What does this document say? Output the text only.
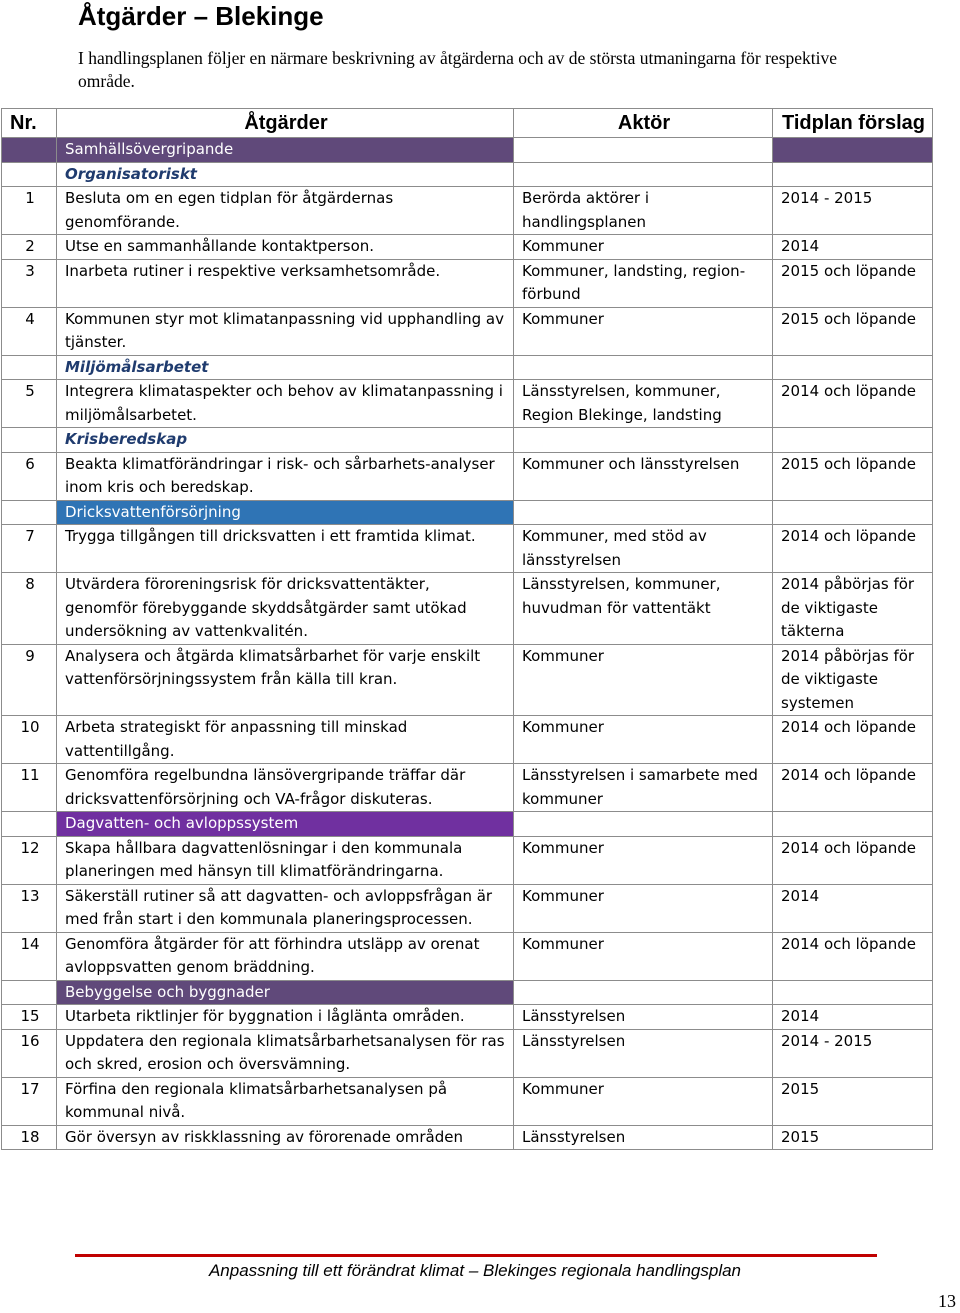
Åtgärder – Blekinge
I handlingsplanen följer en närmare beskrivning av åtgärderna och av de största utmaningarna för respektive område.
Nr.	Åtgärder	Aktör	Tidplan förslag
	Samhällsövergripande		
	Organisatoriskt		
1	Besluta om en egen tidplan för åtgärdernas genomförande.	Berörda aktörer i handlingsplanen	2014 - 2015
2	Utse en sammanhållande kontaktperson.	Kommuner	2014
3	Inarbeta rutiner i respektive verksamhetsområde.	Kommuner, landsting, region-förbund	2015 och löpande
4	Kommunen styr mot klimatanpassning vid upphandling av tjänster.	Kommuner	2015 och löpande
	Miljömålsarbetet		
5	Integrera klimataspekter och behov av klimatanpassning i miljömålsarbetet.	Länsstyrelsen, kommuner, Region Blekinge, landsting	2014 och löpande
	Krisberedskap		
6	Beakta klimatförändringar i risk- och sårbarhets-analyser inom kris och beredskap.	Kommuner och länsstyrelsen	2015 och löpande
	Dricksvattenförsörjning		
7	Trygga tillgången till dricksvatten i ett framtida klimat.	Kommuner, med stöd av länsstyrelsen	2014 och löpande
8	Utvärdera föroreningsrisk för dricksvattentäkter, genomför förebyggande skyddsåtgärder samt utökad undersökning av vattenkvalitén.	Länsstyrelsen, kommuner, huvudman för vattentäkt	2014 påbörjas för de viktigaste täkterna
9	Analysera och åtgärda klimatsårbarhet för varje enskilt vattenförsörjningssystem från källa till kran.	Kommuner	2014 påbörjas för de viktigaste systemen
10	Arbeta strategiskt för anpassning till minskad vattentillgång.	Kommuner	2014 och löpande
11	Genomföra regelbundna länsövergripande träffar där dricksvattenförsörjning och VA-frågor diskuteras.	Länsstyrelsen i samarbete med kommuner	2014 och löpande
	Dagvatten- och avloppssystem		
12	Skapa hållbara dagvattenlösningar i den kommunala planeringen med hänsyn till klimatförändringarna.	Kommuner	2014 och löpande
13	Säkerställ rutiner så att dagvatten- och avloppsfrågan är med från start i den kommunala planeringsprocessen.	Kommuner	2014
14	Genomföra åtgärder för att förhindra utsläpp av orenat avloppsvatten genom bräddning.	Kommuner	2014 och löpande
	Bebyggelse och byggnader		
15	Utarbeta riktlinjer för byggnation i låglänta områden.	Länsstyrelsen	2014
16	Uppdatera den regionala klimatsårbarhetsanalysen för ras och skred, erosion och översvämning.	Länsstyrelsen	2014 - 2015
17	Förfina den regionala klimatsårbarhetsanalysen på kommunal nivå.	Kommuner	2015
18	Gör översyn av riskklassning av förorenade områden	Länsstyrelsen	2015
Anpassning till ett förändrat klimat – Blekinges regionala handlingsplan
13
